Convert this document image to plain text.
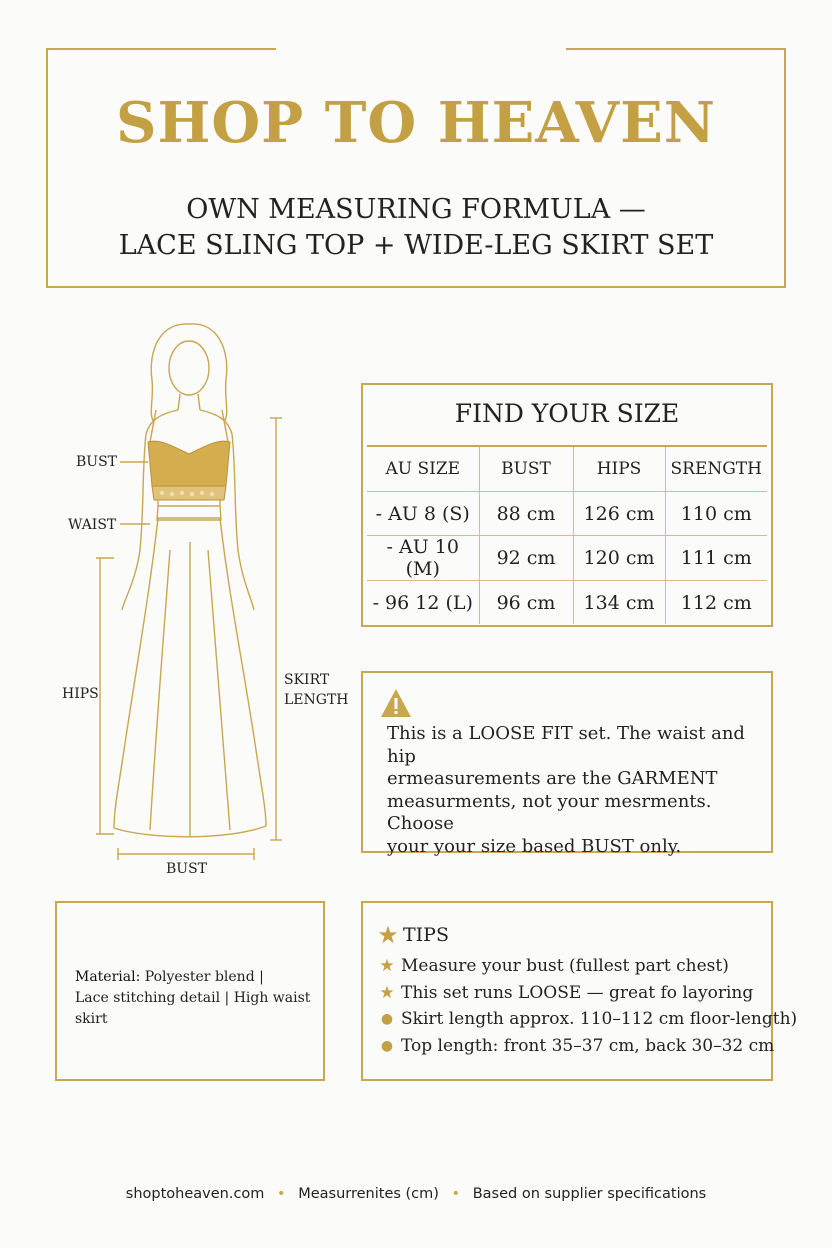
SHOP TO HEAVEN
OWN MEASURING FORMULA —
LACE SLING TOP + WIDE-LEG SKIRT SET
BUST
WAIST
HIPS
SKIRT
LENGTH
BUST
FIND YOUR SIZE
AU SIZE	BUST	HIPS	SRENGTH
- AU 8 (S)	88 cm	126 cm	110 cm
- AU 10 (M)	92 cm	120 cm	111 cm
- 96 12 (L)	96 cm	134 cm	112 cm
This is a LOOSE FIT set. The waist and hip
ermeasurements are the GARMENT
measurments, not your mesrments. Choose
your your size based BUST only.
Material: Polyester blend |
Lace stitching detail | High waist skirt
★ TIPS
★ Measure your bust (fullest part chest)
★ This set runs LOOSE — great fo layoring
● Skirt length approx. 110–112 cm floor-length)
● Top length: front 35–37 cm, back 30–32 cm
shoptoheaven.com • Measurrenites (cm) • Based on supplier specifications
